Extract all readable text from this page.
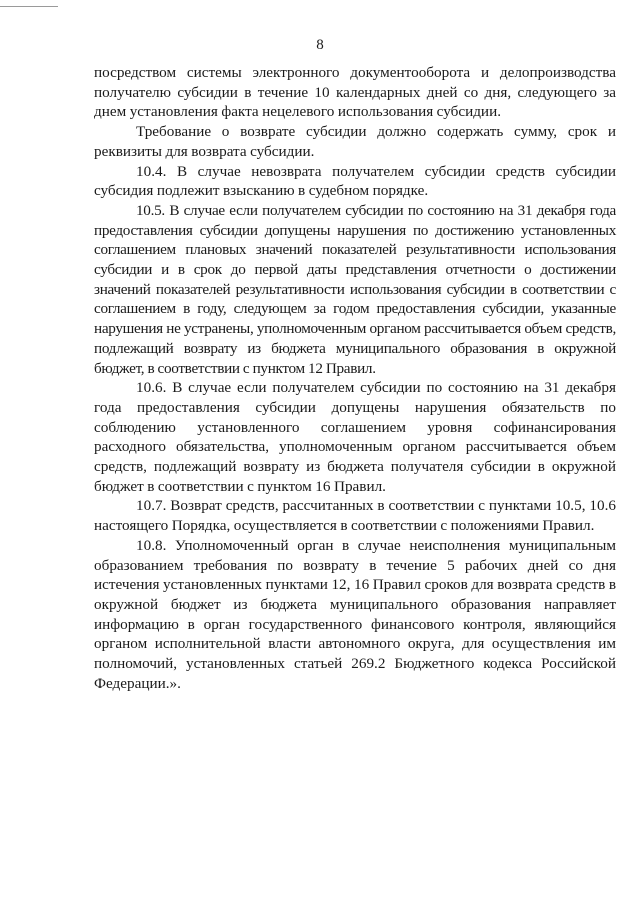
8

посредством системы электронного документооборота и делопроизводства получателю субсидии в течение 10 календарных дней со дня, следующего за днем установления факта нецелевого использования субсидии.

Требование о возврате субсидии должно содержать сумму, срок и реквизиты для возврата субсидии.

10.4. В случае невозврата получателем субсидии средств субсидии субсидия подлежит взысканию в судебном порядке.

10.5. В случае если получателем субсидии по состоянию на 31 декабря года предоставления субсидии допущены нарушения по достижению установленных соглашением плановых значений показателей результативности использования субсидии и в срок до первой даты представления отчетности о достижении значений показателей результативности использования субсидии в соответствии с соглашением в году, следующем за годом предоставления субсидии, указанные нарушения не устранены, уполномоченным органом рассчитывается объем средств, подлежащий возврату из бюджета муниципального образования в окружной бюджет, в соответствии с пунктом 12 Правил.

10.6. В случае если получателем субсидии по состоянию на 31 декабря года предоставления субсидии допущены нарушения обязательств по соблюдению установленного соглашением уровня софинансирования расходного обязательства, уполномоченным органом рассчитывается объем средств, подлежащий возврату из бюджета получателя субсидии в окружной бюджет в соответствии с пунктом 16 Правил.

10.7. Возврат средств, рассчитанных в соответствии с пунктами 10.5, 10.6 настоящего Порядка, осуществляется в соответствии с положениями Правил.

10.8. Уполномоченный орган в случае неисполнения муниципальным образованием требования по возврату в течение 5 рабочих дней со дня истечения установленных пунктами 12, 16 Правил сроков для возврата средств в окружной бюджет из бюджета муниципального образования направляет информацию в орган государственного финансового контроля, являющийся органом исполнительной власти автономного округа, для осуществления им полномочий, установленных статьей 269.2 Бюджетного кодекса Российской Федерации.».
